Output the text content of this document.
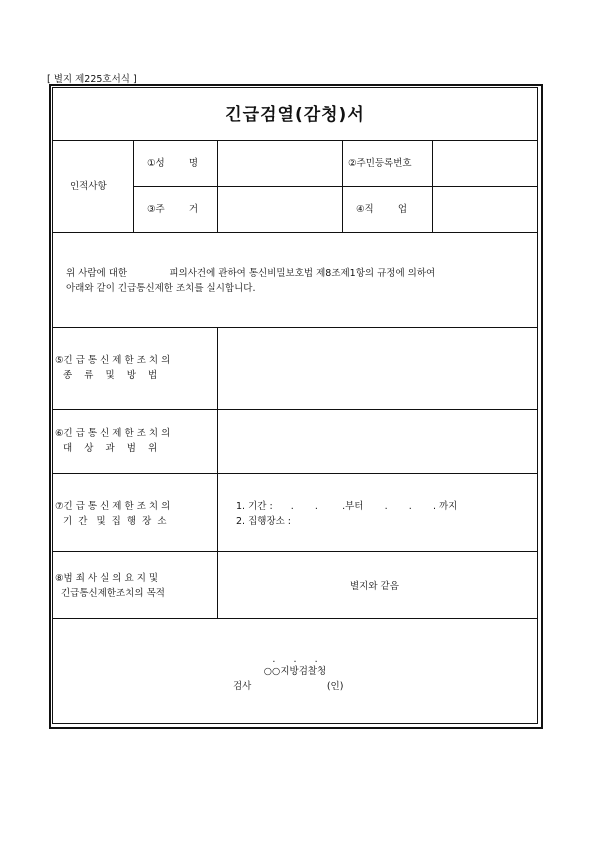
[ 별지 제225호서식 ]
긴급검열(감청)서
인적사항
①성        명	②주민등록번호
③주        거	④직        업
위 사람에 대한              피의사건에 관하여 통신비밀보호법 제8조제1항의 규정에 의하여
아래와 같이 긴급통신제한 조치를 실시합니다.
⑤긴 급 통 신 제 한 조 치 의
종    류    및    방    법
⑥긴 급 통 신 제 한 조 치 의
대    상    과    범    위
⑦긴 급 통 신 제 한 조 치 의
기  간   및  집  행  장  소
1. 기간 :      .       .        .부터       .       .       . 까지
2. 집행장소 :
⑧범 죄 사 실 의 요 지 및
긴급통신제한조치의 목적
별지와 같음
.      .      .
○○지방검찰청
검사                         (인)
